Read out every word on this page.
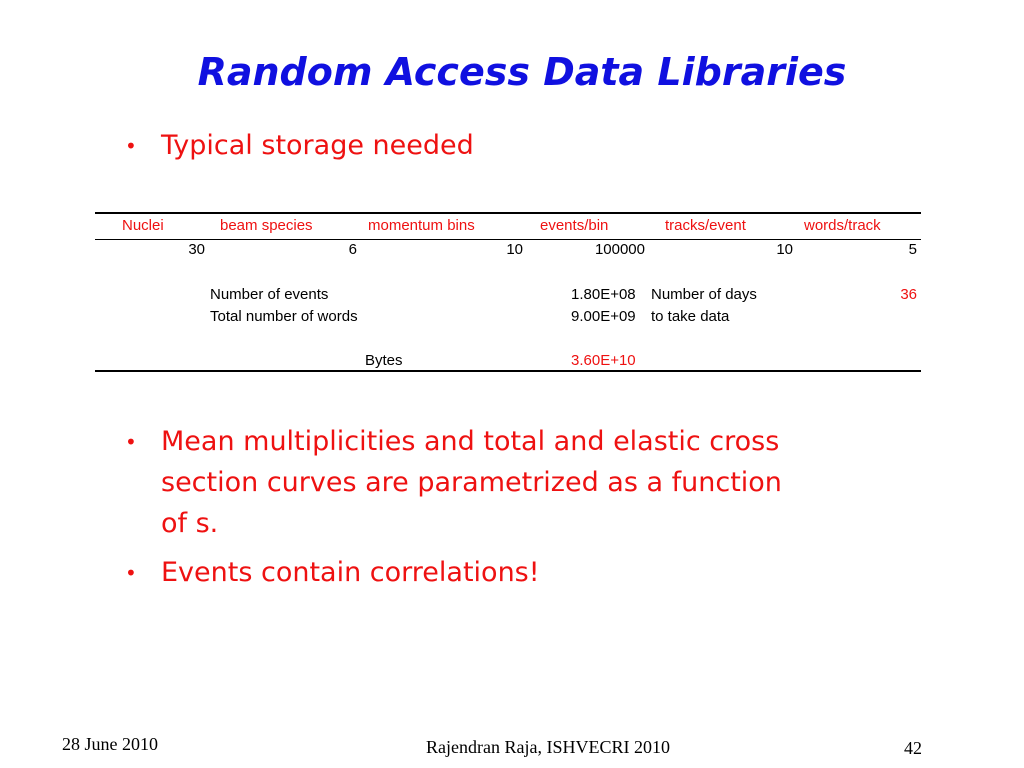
Random Access Data Libraries
• Typical storage needed
Nuclei	beam species	momentum bins	events/bin	tracks/event	words/track
30	6	10	100000	10	5
Number of events	1.80E+08 Number of days	36
Total number of words	9.00E+09 to take data
Bytes	3.60E+10
• Mean multiplicities and total and elastic cross
section curves are parametrized as a function
of s.
• Events contain correlations!
28 June 2010	Rajendran Raja, ISHVECRI 2010	42
